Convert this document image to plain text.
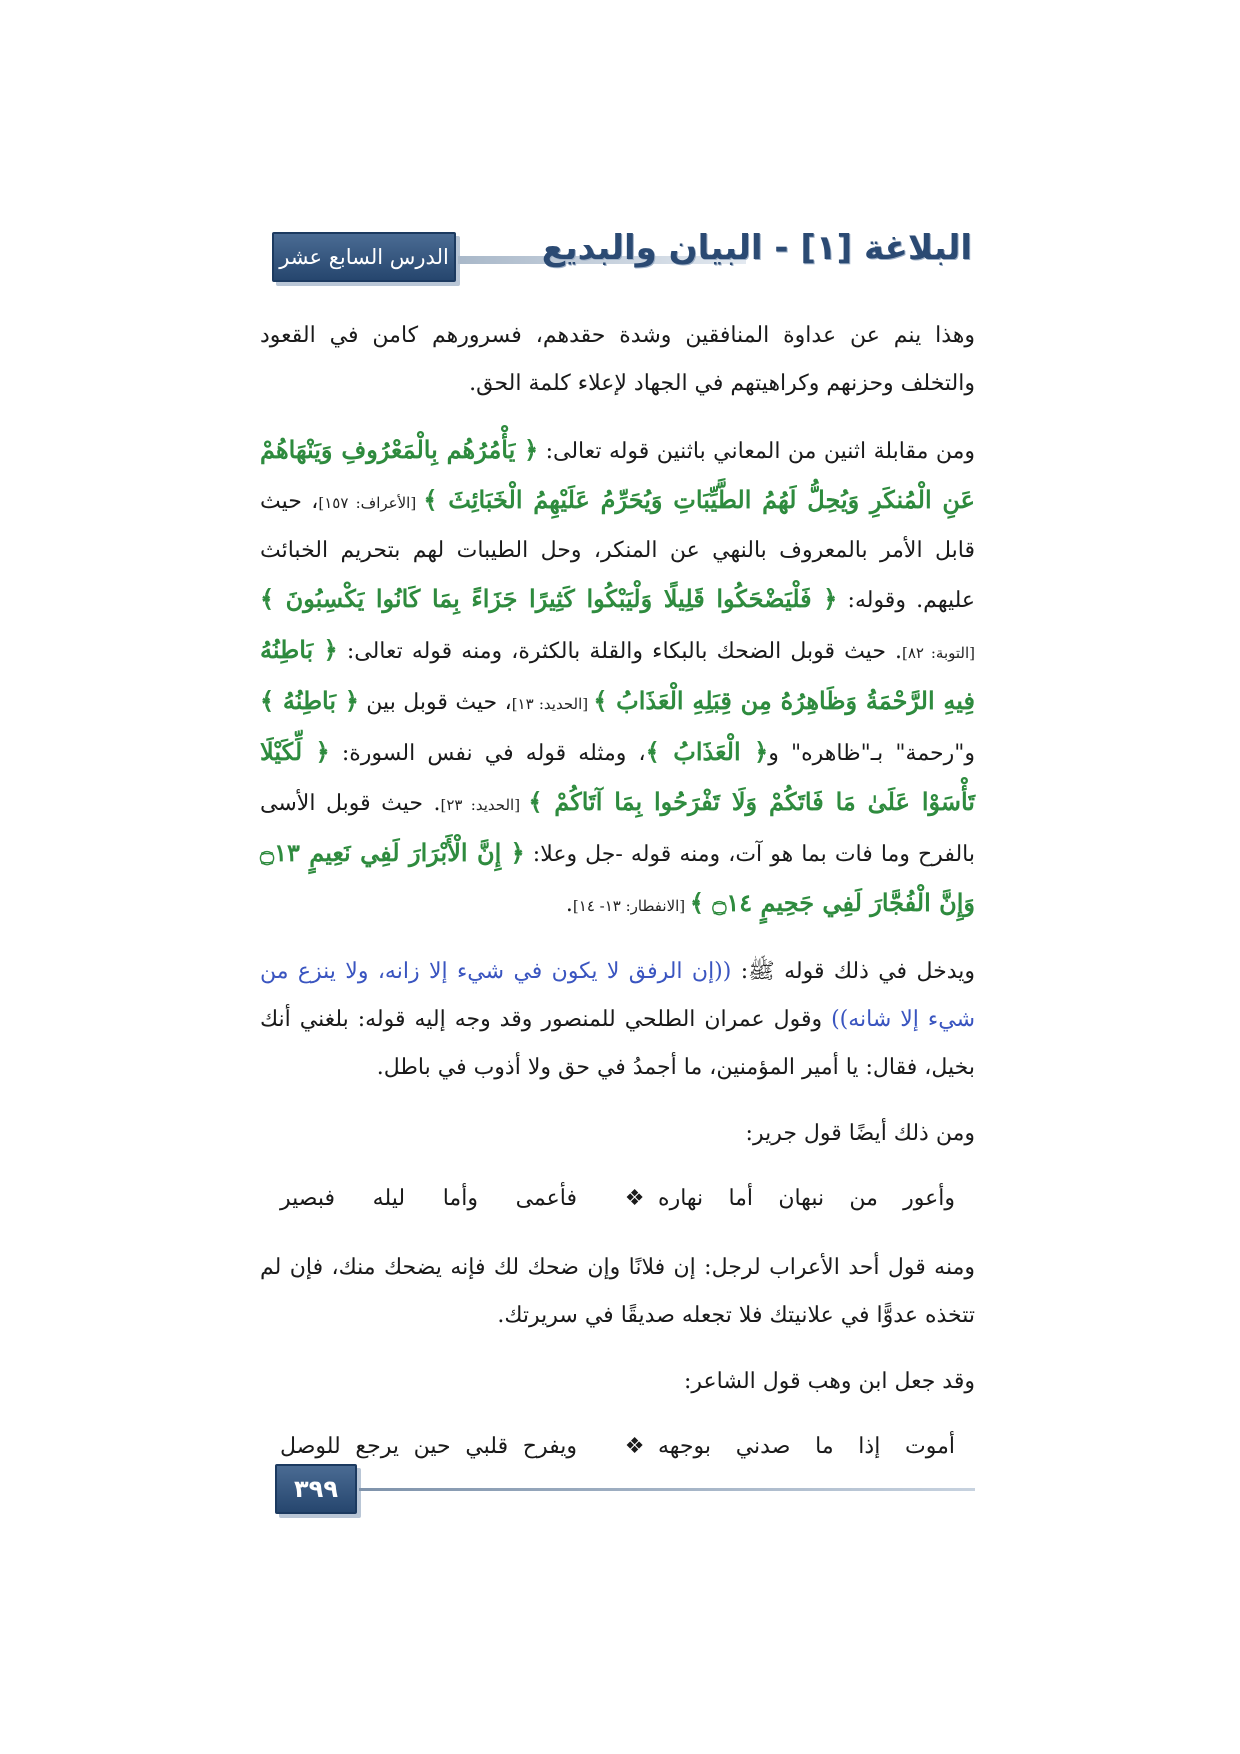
الدرس السابع عشر	البلاغة [١] - البيان والبديع

وهذا ينم عن عداوة المنافقين وشدة حقدهم، فسرورهم كامن في القعود والتخلف وحزنهم وكراهيتهم في الجهاد لإعلاء كلمة الحق.

ومن مقابلة اثنين من المعاني باثنين قوله تعالى: ﴿ يَأْمُرُهُم بِالْمَعْرُوفِ وَيَنْهَاهُمْ عَنِ الْمُنكَرِ وَيُحِلُّ لَهُمُ الطَّيِّبَاتِ وَيُحَرِّمُ عَلَيْهِمُ الْخَبَائِثَ ﴾ [الأعراف: ١٥٧]، حيث قابل الأمر بالمعروف بالنهي عن المنكر، وحل الطيبات لهم بتحريم الخبائث عليهم. وقوله: ﴿ فَلْيَضْحَكُوا قَلِيلًا وَلْيَبْكُوا كَثِيرًا جَزَاءً بِمَا كَانُوا يَكْسِبُونَ ﴾ [التوبة: ٨٢]. حيث قوبل الضحك بالبكاء والقلة بالكثرة، ومنه قوله تعالى: ﴿ بَاطِنُهُ فِيهِ الرَّحْمَةُ وَظَاهِرُهُ مِن قِبَلِهِ الْعَذَابُ ﴾ [الحديد: ١٣]، حيث قوبل بين ﴿ بَاطِنُهُ ﴾ و"رحمة" بـ"ظاهره" و﴿ الْعَذَابُ ﴾، ومثله قوله في نفس السورة: ﴿ لِّكَيْلَا تَأْسَوْا عَلَىٰ مَا فَاتَكُمْ وَلَا تَفْرَحُوا بِمَا آتَاكُمْ ﴾ [الحديد: ٢٣]. حيث قوبل الأسى بالفرح وما فات بما هو آت، ومنه قوله -جل وعلا: ﴿ إِنَّ الْأَبْرَارَ لَفِي نَعِيمٍ ۝١٣ وَإِنَّ الْفُجَّارَ لَفِي جَحِيمٍ ۝١٤ ﴾ [الانفطار: ١٣- ١٤].

ويدخل في ذلك قوله ﷺ: ((إن الرفق لا يكون في شيء إلا زانه، ولا ينزع من شيء إلا شانه)) وقول عمران الطلحي للمنصور وقد وجه إليه قوله: بلغني أنك بخيل، فقال: يا أمير المؤمنين، ما أجمدُ في حق ولا أذوب في باطل.

ومن ذلك أيضًا قول جرير:

وأعور
من
نبهان
أما
نهاره
❖
فأعمى
وأما
ليله
فبصير

ومنه قول أحد الأعراب لرجل: إن فلانًا وإن ضحك لك فإنه يضحك منك، فإن لم تتخذه عدوًّا في علانيتك فلا تجعله صديقًا في سريرتك.

وقد جعل ابن وهب قول الشاعر:

أموت
إذا
ما
صدني
بوجهه
❖
ويفرح
قلبي
حين
يرجع
للوصل
٣٩٩
